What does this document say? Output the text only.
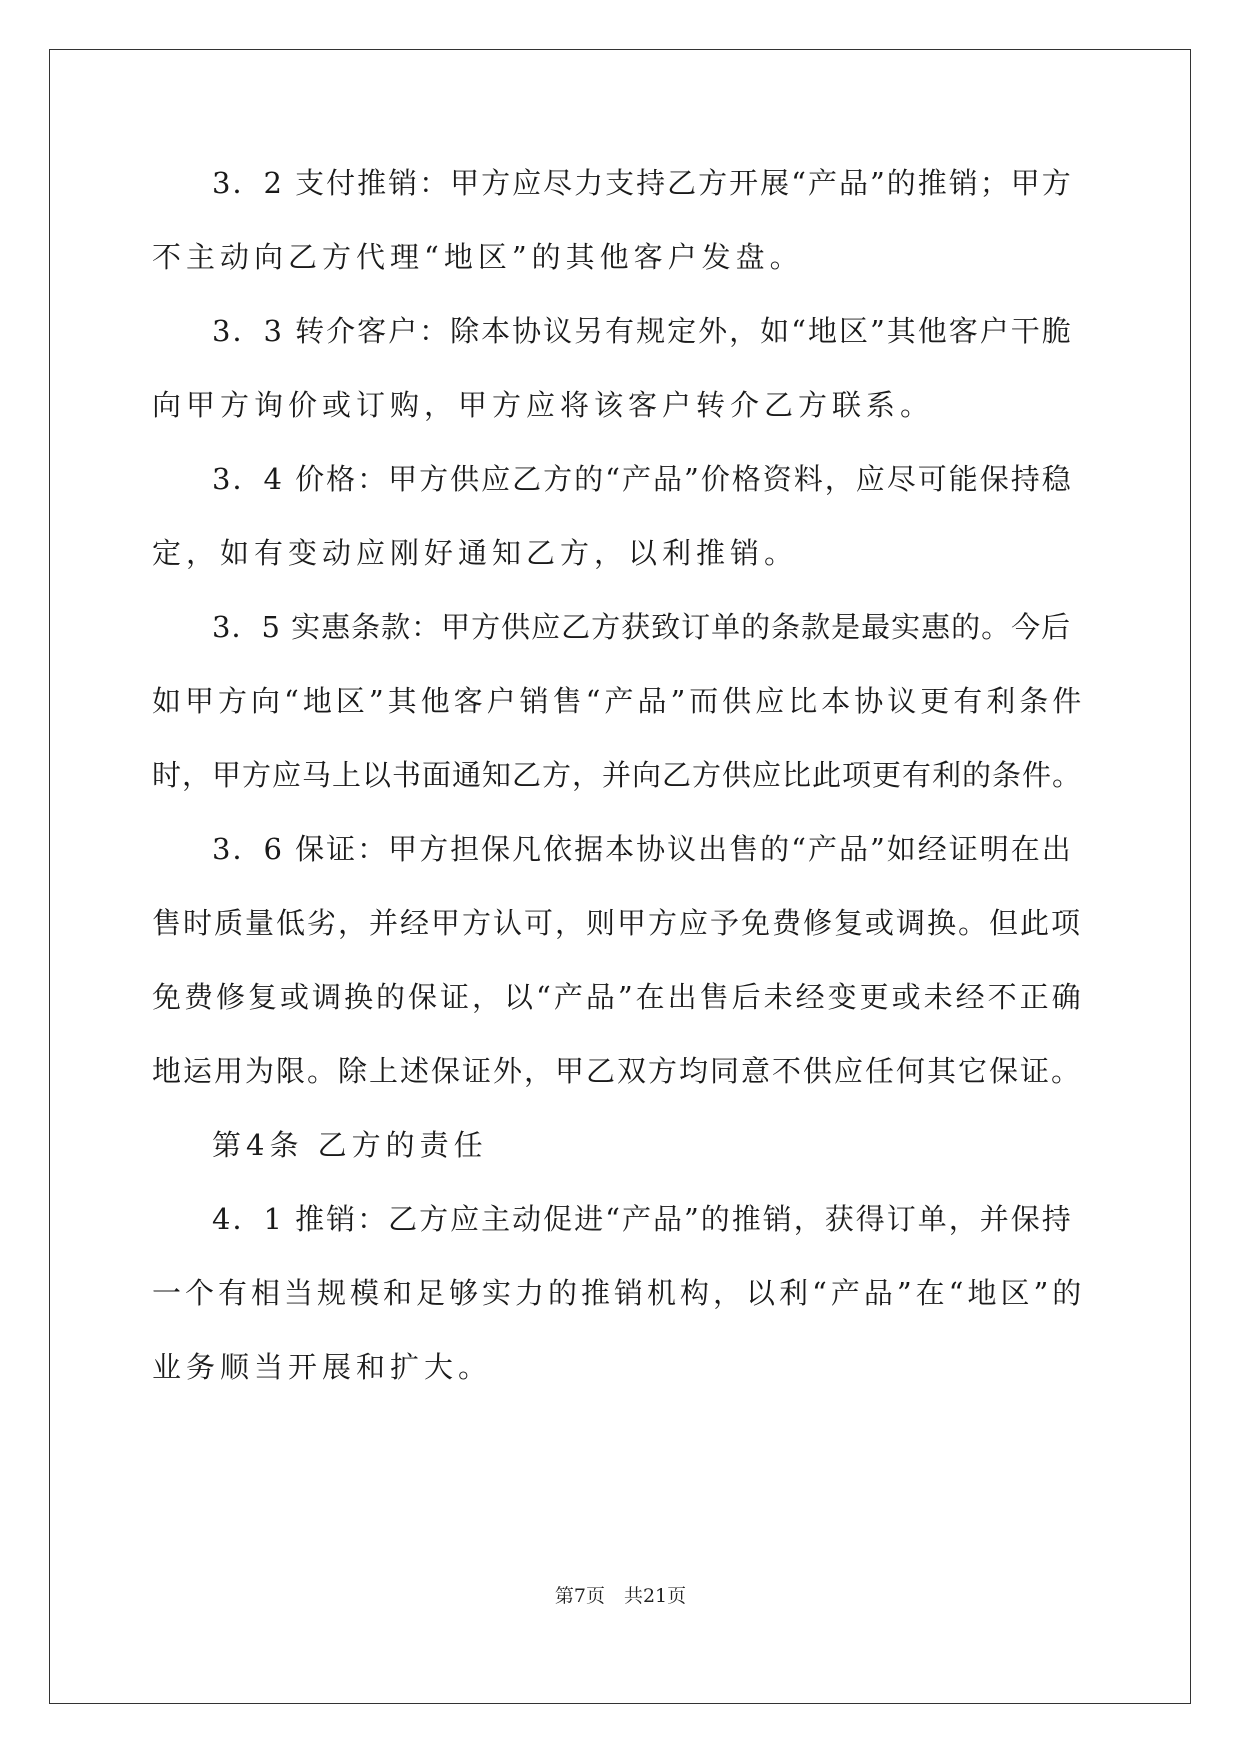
3．2 支付推销：甲方应尽力支持乙方开展“产品”的推销；甲方
不主动向乙方代理“地区”的其他客户发盘。
3．3 转介客户：除本协议另有规定外，如“地区”其他客户干脆
向甲方询价或订购，甲方应将该客户转介乙方联系。
3．4 价格：甲方供应乙方的“产品”价格资料，应尽可能保持稳
定，如有变动应刚好通知乙方，以利推销。
3．5 实惠条款：甲方供应乙方获致订单的条款是最实惠的。今后
如甲方向“地区”其他客户销售“产品”而供应比本协议更有利条件
时，甲方应马上以书面通知乙方，并向乙方供应比此项更有利的条件。
3．6 保证：甲方担保凡依据本协议出售的“产品”如经证明在出
售时质量低劣，并经甲方认可，则甲方应予免费修复或调换。但此项
免费修复或调换的保证，以“产品”在出售后未经变更或未经不正确
地运用为限。除上述保证外，甲乙双方均同意不供应任何其它保证。
第4条 乙方的责任
4．1 推销：乙方应主动促进“产品”的推销，获得订单，并保持
一个有相当规模和足够实力的推销机构，以利“产品”在“地区”的
业务顺当开展和扩大。
第7页　共21页
